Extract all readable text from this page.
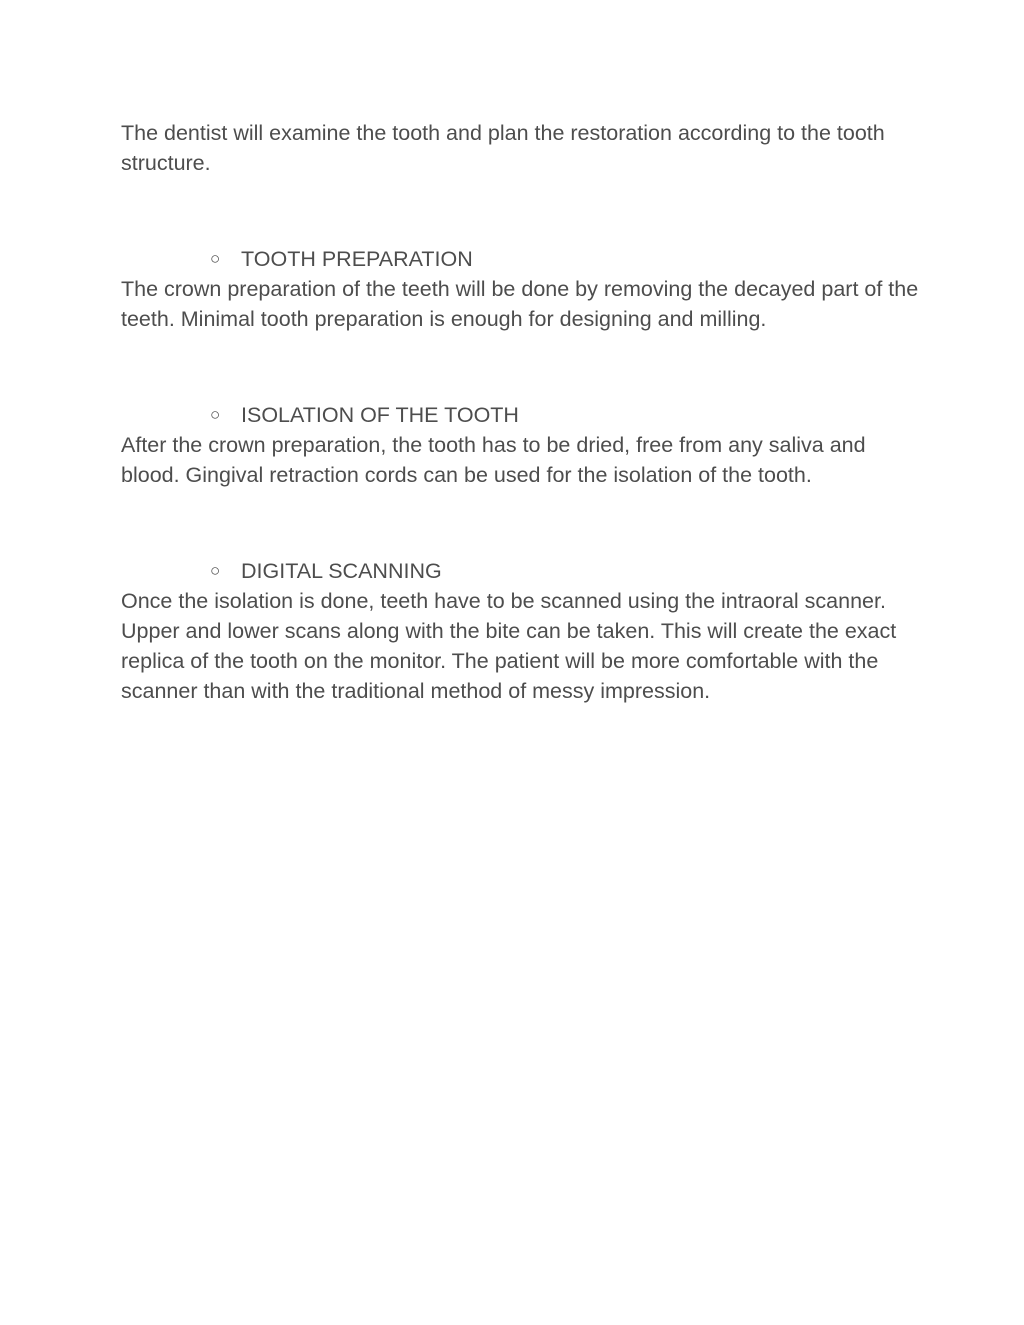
The dentist will examine the tooth and plan the restoration according to the tooth structure.

○ TOOTH PREPARATION

The crown preparation of the teeth will be done by removing the decayed part of the teeth. Minimal tooth preparation is enough for designing and milling.

○ ISOLATION OF THE TOOTH

After the crown preparation, the tooth has to be dried, free from any saliva and blood. Gingival retraction cords can be used for the isolation of the tooth.

○ DIGITAL SCANNING

Once the isolation is done, teeth have to be scanned using the intraoral scanner. Upper and lower scans along with the bite can be taken. This will create the exact replica of the tooth on the monitor. The patient will be more comfortable with the scanner than with the traditional method of messy impression.
